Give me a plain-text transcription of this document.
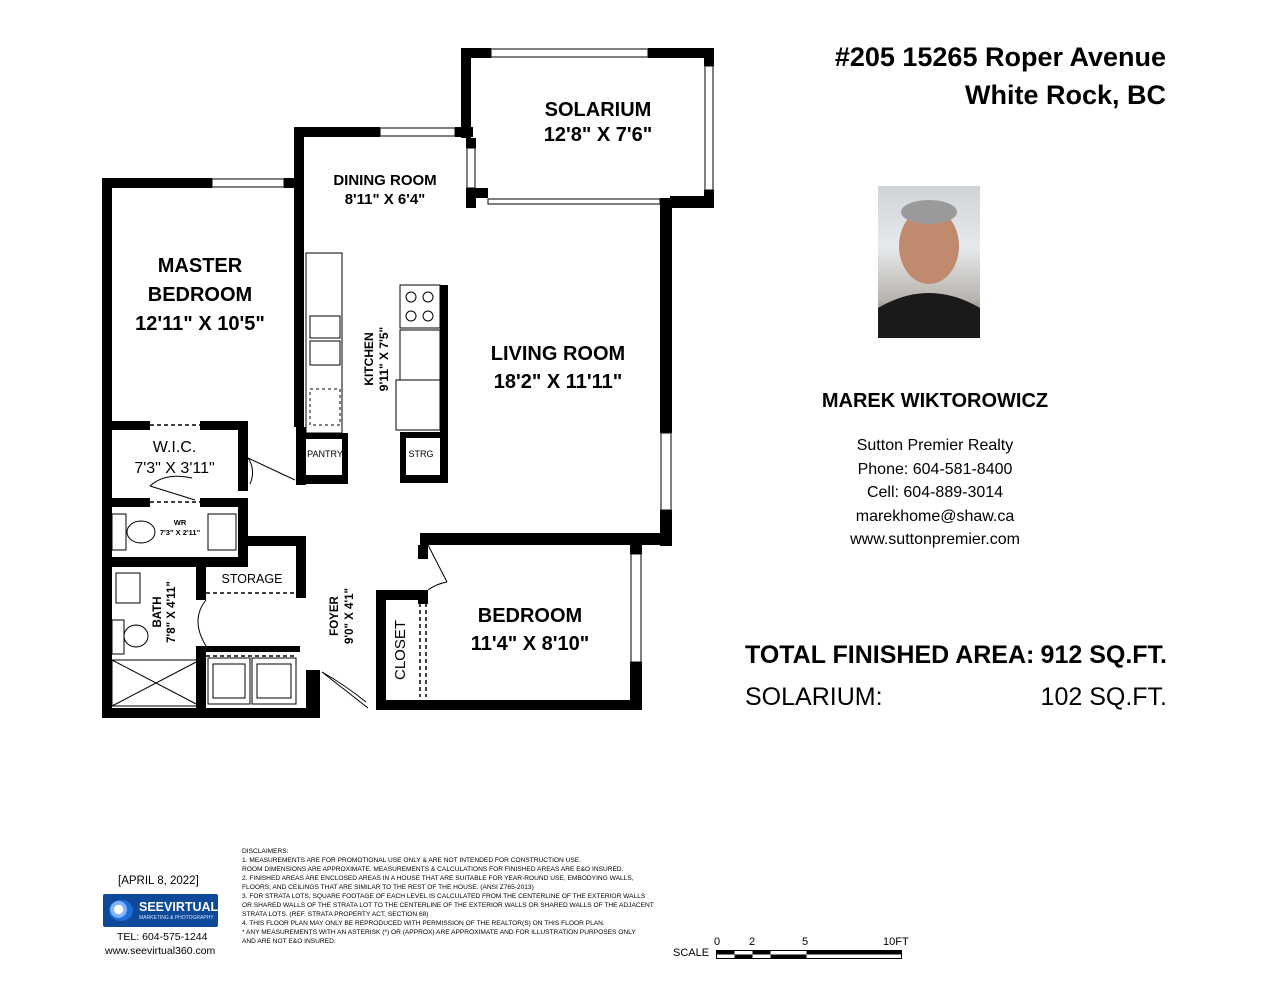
SOLARIUM
12'8" X 7'6"
DINING ROOM
8'11" X 6'4"
MASTER
BEDROOM
12'11" X 10'5"
KITCHEN 9'11" X 7'5"	LIVING ROOM
18'2" X 11'11"
W.I.C.
7'3" X 3'11"
PANTRY	STRG
WR
7'3" X 2'11"
STORAGE
BATH 7'8" X 4'11"	FOYER 9'0" X 4'1"
CLOSET
BEDROOM
11'4" X 8'10"
#205 15265 Roper Avenue
White Rock, BC
MAREK WIKTOROWICZ
Sutton Premier Realty
Phone: 604-581-8400
Cell: 604-889-3014
marekhome@shaw.ca
www.suttonpremier.com
TOTAL FINISHED AREA: 912 SQ.FT.
SOLARIUM:	102 SQ.FT.
[APRIL 8, 2022]
SEEVIRTUAL
MARKETING & PHOTOGRAPHY
TEL: 604-575-1244
www.seevirtual360.com
DISCLAIMERS:
1. MEASUREMENTS ARE FOR PROMOTIONAL USE ONLY & ARE NOT INTENDED FOR CONSTRUCTION USE.
ROOM DIMENSIONS ARE APPROXIMATE. MEASUREMENTS & CALCULATIONS FOR FINISHED AREAS ARE E&O INSURED.
2. FINISHED AREAS ARE ENCLOSED AREAS IN A HOUSE THAT ARE SUITABLE FOR YEAR-ROUND USE, EMBODYING WALLS,
FLOORS, AND CEILINGS THAT ARE SIMILAR TO THE REST OF THE HOUSE. (ANSI Z765-2013)
3. FOR STRATA LOTS, SQUARE FOOTAGE OF EACH LEVEL IS CALCULATED FROM THE CENTERLINE OF THE EXTERIOR WALLS
OR SHARED WALLS OF THE STRATA LOT TO THE CENTERLINE OF THE EXTERIOR WALLS OR SHARED WALLS OF THE ADJACENT
STRATA LOTS. (REF. STRATA PROPERTY ACT, SECTION 68)
4. THIS FLOOR PLAN MAY ONLY BE REPRODUCED WITH PERMISSION OF THE REALTOR(S) ON THIS FLOOR PLAN.
* ANY MEASUREMENTS WITH AN ASTERISK (*) OR (APPROX) ARE APPROXIMATE AND FOR ILLUSTRATION PURPOSES ONLY
AND ARE NOT E&O INSURED.
SCALE
0	2	5	10FT
